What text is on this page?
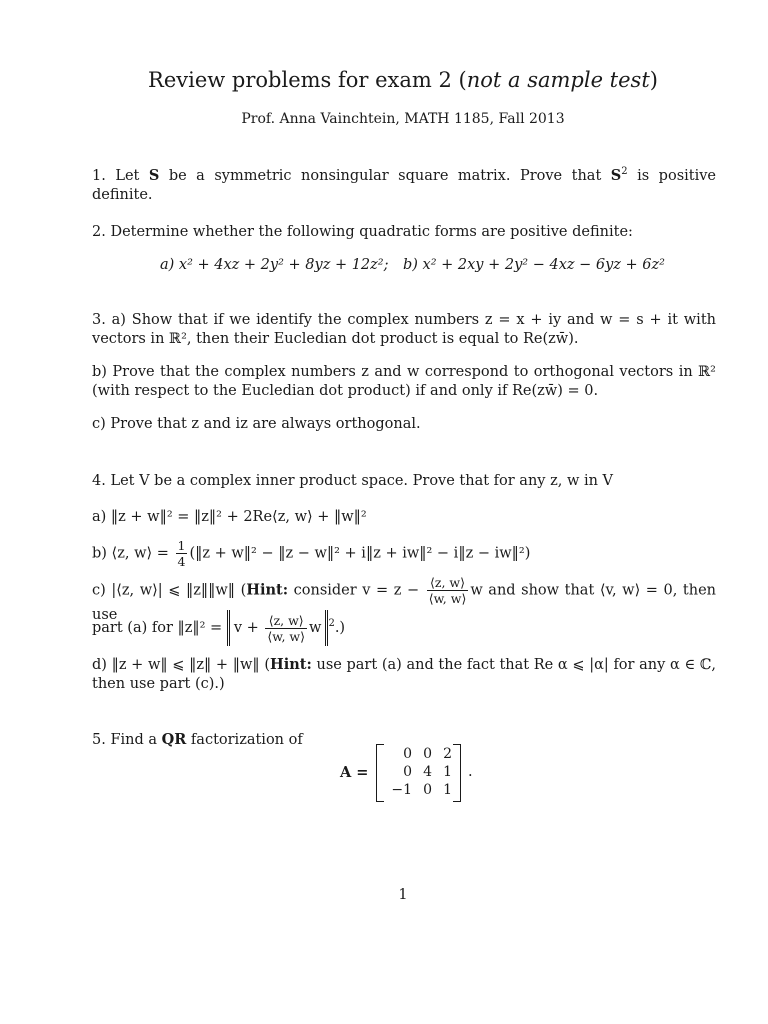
Review problems for exam 2 (not a sample test)
Prof. Anna Vainchtein, MATH 1185, Fall 2013
1. Let S be a symmetric nonsingular square matrix. Prove that $S^2$ is positive definite.
2. Determine whether the following quadratic forms are positive definite:
a) x² + 4xz + 2y² + 8yz + 12z²; b) x² + 2xy + 2y² − 4xz − 6yz + 6z²
3. a) Show that if we identify the complex numbers z = x + iy and w = s + it with vectors in ℝ², then their Eucledian dot product is equal to Re(zw̄).
b) Prove that the complex numbers z and w correspond to orthogonal vectors in ℝ² (with respect to the Eucledian dot product) if and only if Re(zw̄) = 0.
c) Prove that z and iz are always orthogonal.
4. Let V be a complex inner product space. Prove that for any z, w in V
a) ‖z + w‖² = ‖z‖² + 2Re⟨z, w⟩ + ‖w‖²
b) ⟨z, w⟩ = $\frac{1}{4}$ (‖z + w‖² − ‖z − w‖² + i‖z + iw‖² − i‖z − iw‖²)
c) |⟨z, w⟩| ⩽ ‖z‖‖w‖ (Hint: consider $v = z - \frac{⟨z, w⟩}{⟨w, w⟩}$ w and show that ⟨v, w⟩ = 0, then use
part (a) for ‖z‖² = $v + \frac{⟨z, w⟩}{⟨w, w⟩}$ w $^2$.)
d) ‖z + w‖ ⩽ ‖z‖ + ‖w‖ (Hint: use part (a) and the fact that Re α ⩽ |α| for any α ∈ ℂ, then use part (c).)
5. Find a QR factorization of
A =
0 0 2
0 4 1
−1 0 1
.
1
